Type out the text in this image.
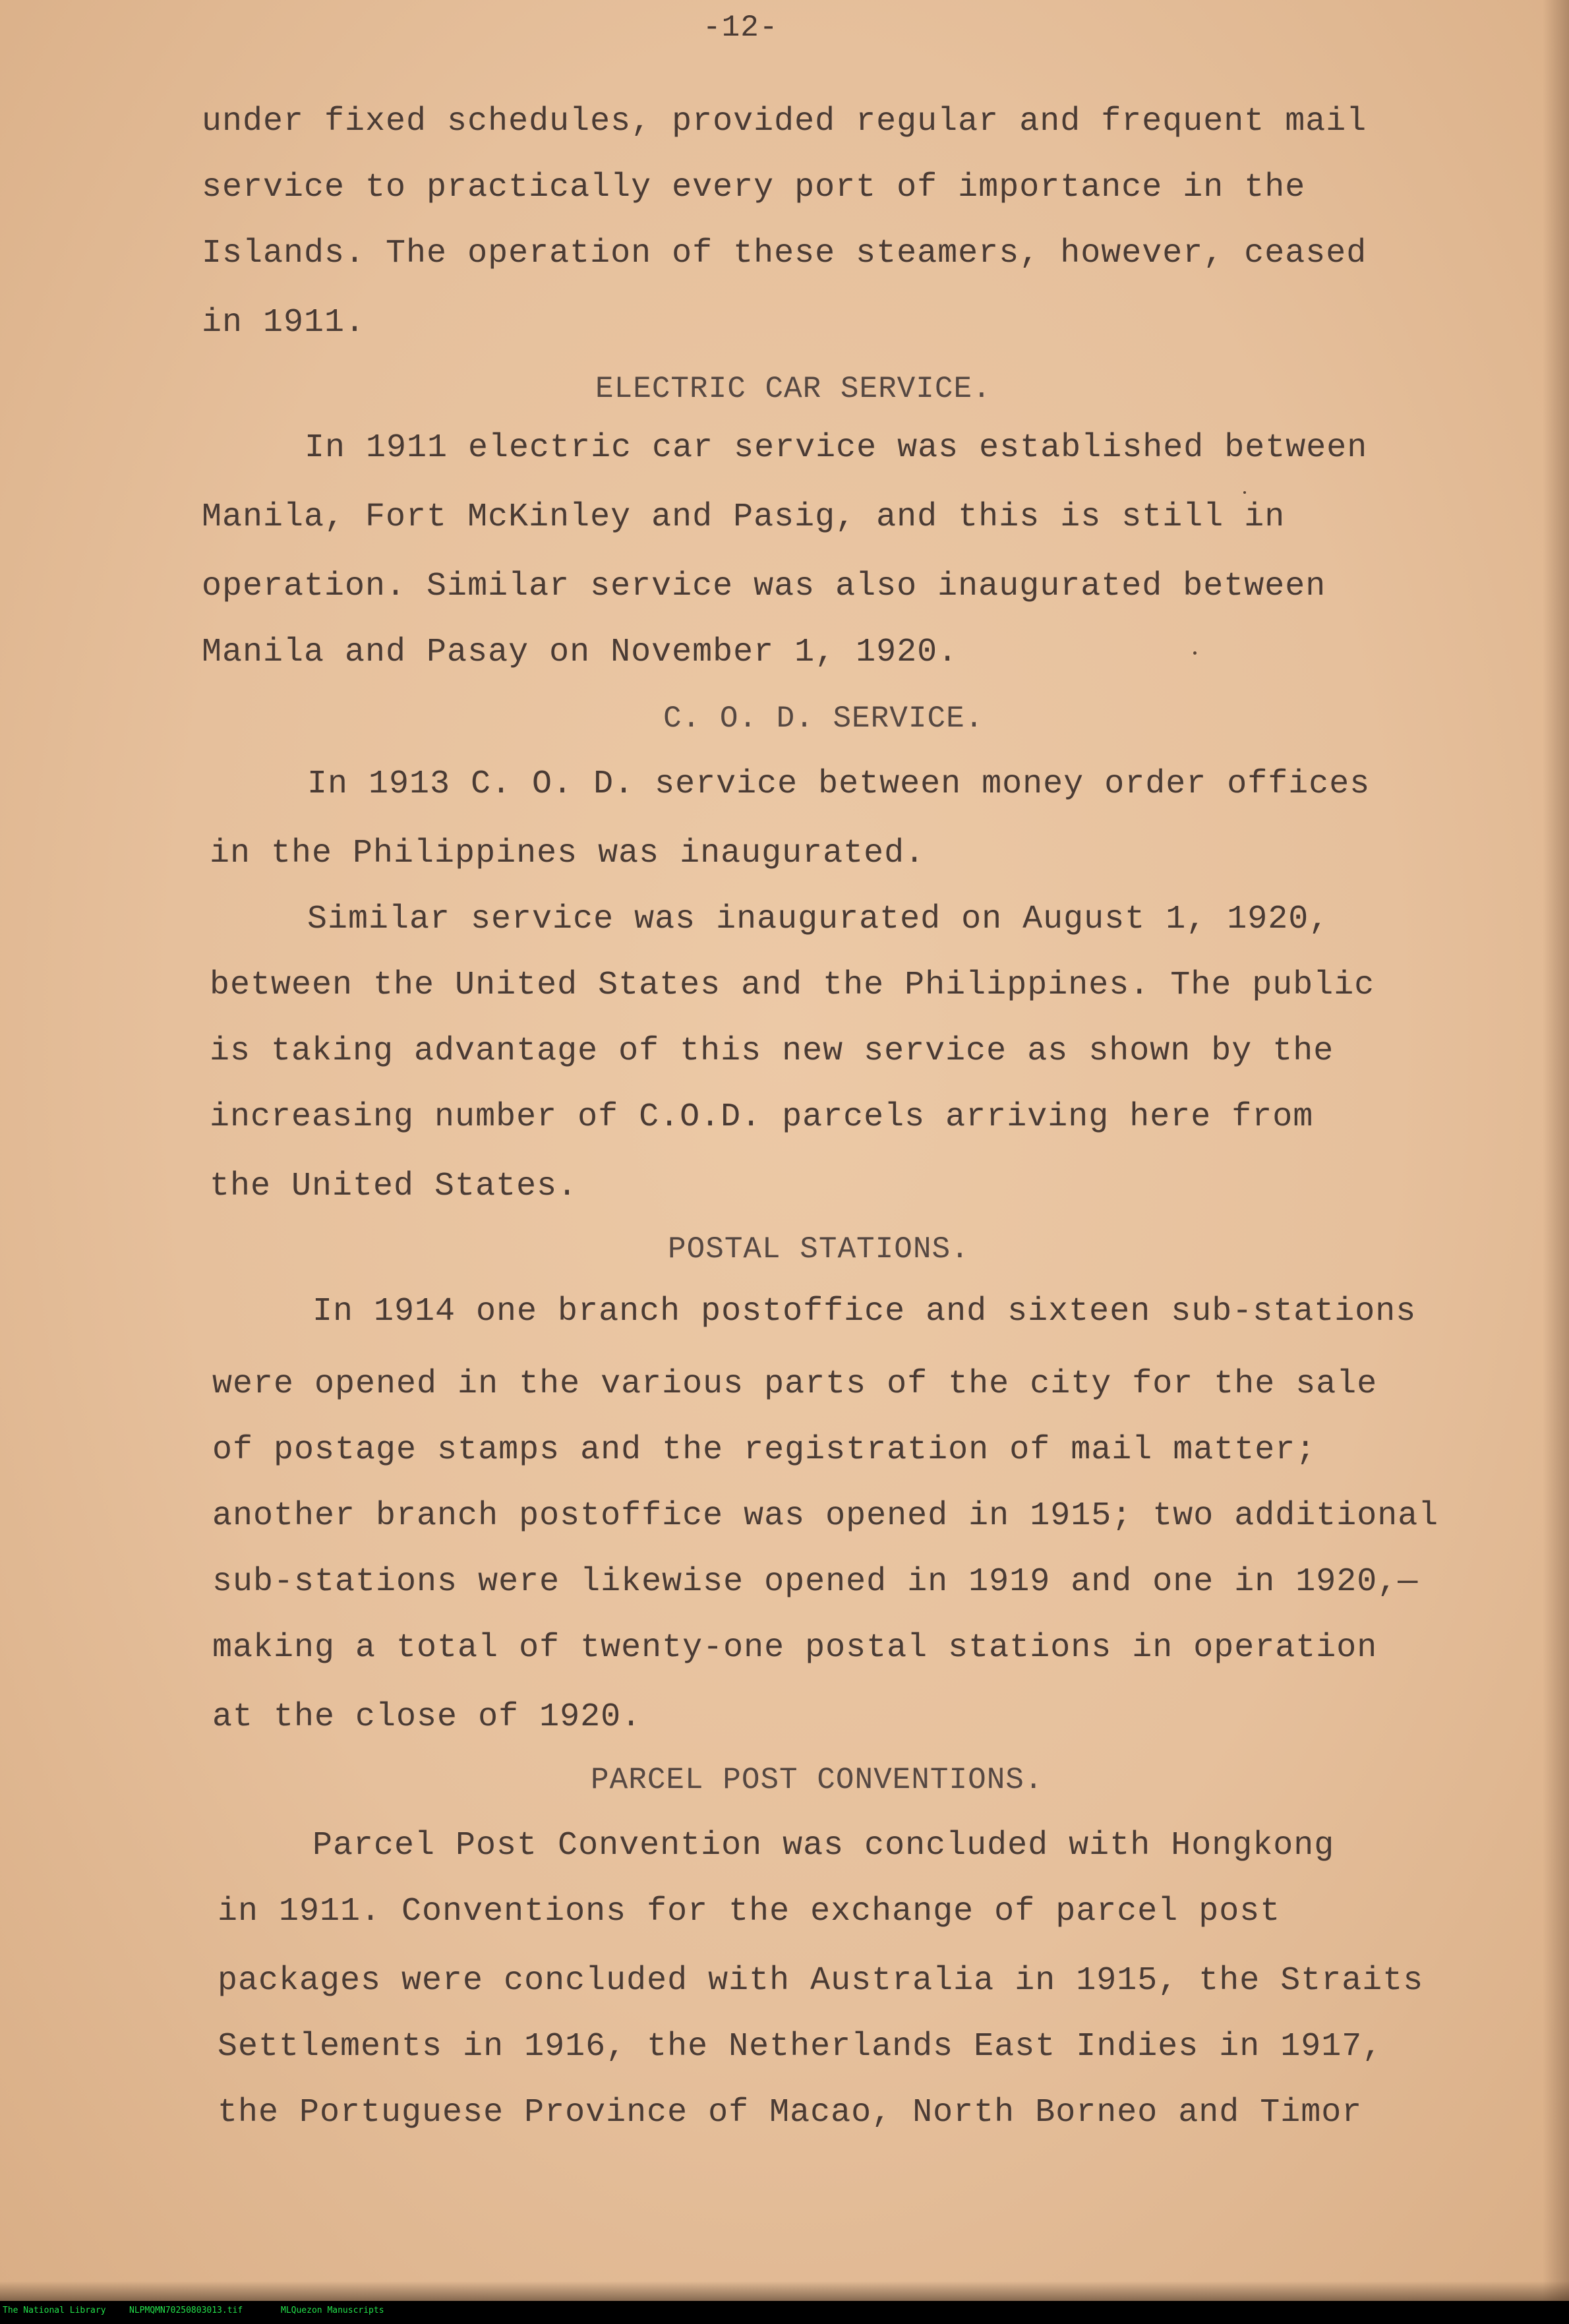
-12-
under fixed schedules, provided regular and frequent mail
service to practically every port of importance in the
Islands. The operation of these steamers, however, ceased
in 1911.
ELECTRIC CAR SERVICE.
In 1911 electric car service was established between
Manila, Fort McKinley and Pasig, and this is still in
operation. Similar service was also inaugurated between
Manila and Pasay on November 1, 1920.
C. O. D. SERVICE.
In 1913 C. O. D. service between money order offices
in the Philippines was inaugurated.
Similar service was inaugurated on August 1, 1920,
between the United States and the Philippines. The public
is taking advantage of this new service as shown by the
increasing number of C.O.D. parcels arriving here from
the United States.
POSTAL STATIONS.
In 1914 one branch postoffice and sixteen sub-stations
were opened in the various parts of the city for the sale
of postage stamps and the registration of mail matter;
another branch postoffice was opened in 1915; two additional
sub-stations were likewise opened in 1919 and one in 1920,—
making a total of twenty-one postal stations in operation
at the close of 1920.
PARCEL POST CONVENTIONS.
Parcel Post Convention was concluded with Hongkong
in 1911. Conventions for the exchange of parcel post
packages were concluded with Australia in 1915, the Straits
Settlements in 1916, the Netherlands East Indies in 1917,
the Portuguese Province of Macao, North Borneo and Timor
The National Library	NLPMQMN70250803013.tif	MLQuezon Manuscripts
